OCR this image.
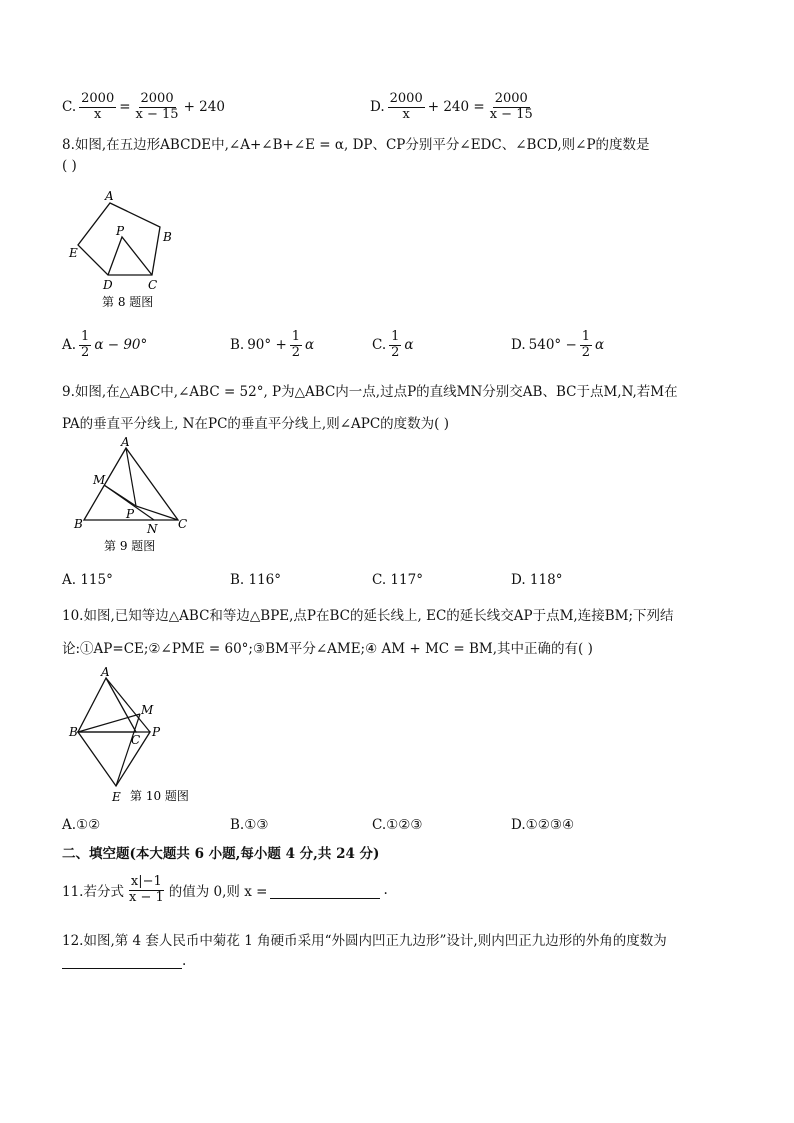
C. $\frac{2000}{x} = \frac{2000}{x - 15} + 240$	D. $\frac{2000}{x} + 240 = \frac{2000}{x - 15}$
8.如图,在五边形ABCDE中,∠A+∠B+∠E = α, DP、CP分别平分∠EDC、∠BCD,则∠P的度数是
( )
A
B
C
D
E
P
第 8 题图
A. $\frac{1}{2}$ α − 90°	B. $90^\circ + \frac{1}{2}$ α	C. $\frac{1}{2}$ α	D. $540^\circ - \frac{1}{2}$ α
9.如图,在△ABC中,∠ABC = 52°, P为△ABC内一点,过点P的直线MN分别交AB、BC于点M,N,若M在
PA的垂直平分线上, N在PC的垂直平分线上,则∠APC的度数为( )
A
B	C
M
N
P
第 9 题图
A. 115°	B. 116°	C. 117°	D. 118°
10.如图,已知等边△ABC和等边△BPE,点P在BC的延长线上, EC的延长线交AP于点M,连接BM;下列结
论:①AP=CE;②∠PME = 60°;③BM平分∠AME;④ AM + MC = BM,其中正确的有( )
A
B
C
E
M
P
第 10 题图
A.①②	B.①③	C.①②③	D.①②③④
二、填空题(本大题共 6 小题,每小题 4 分,共 24 分)
11.若分式 $\frac{x|-1}{x - 1}$ 的值为 0,则 x =	.
12.如图,第 4 套人民币中菊花 1 角硬币采用“外圆内凹正九边形”设计,则内凹正九边形的外角的度数为
.
